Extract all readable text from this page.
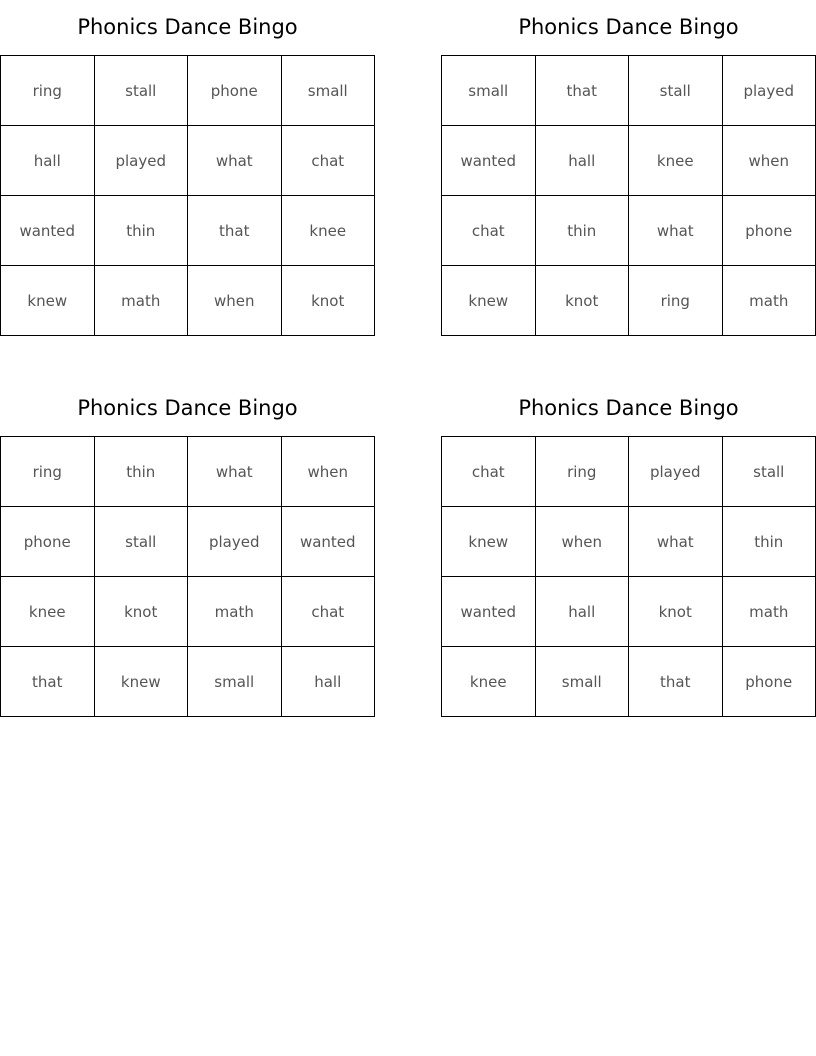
Phonics Dance Bingo
ring	stall	phone	small
hall	played	what	chat
wanted	thin	that	knee
knew	math	when	knot
Phonics Dance Bingo
small	that	stall	played
wanted	hall	knee	when
chat	thin	what	phone
knew	knot	ring	math
Phonics Dance Bingo
ring	thin	what	when
phone	stall	played	wanted
knee	knot	math	chat
that	knew	small	hall
Phonics Dance Bingo
chat	ring	played	stall
knew	when	what	thin
wanted	hall	knot	math
knee	small	that	phone
